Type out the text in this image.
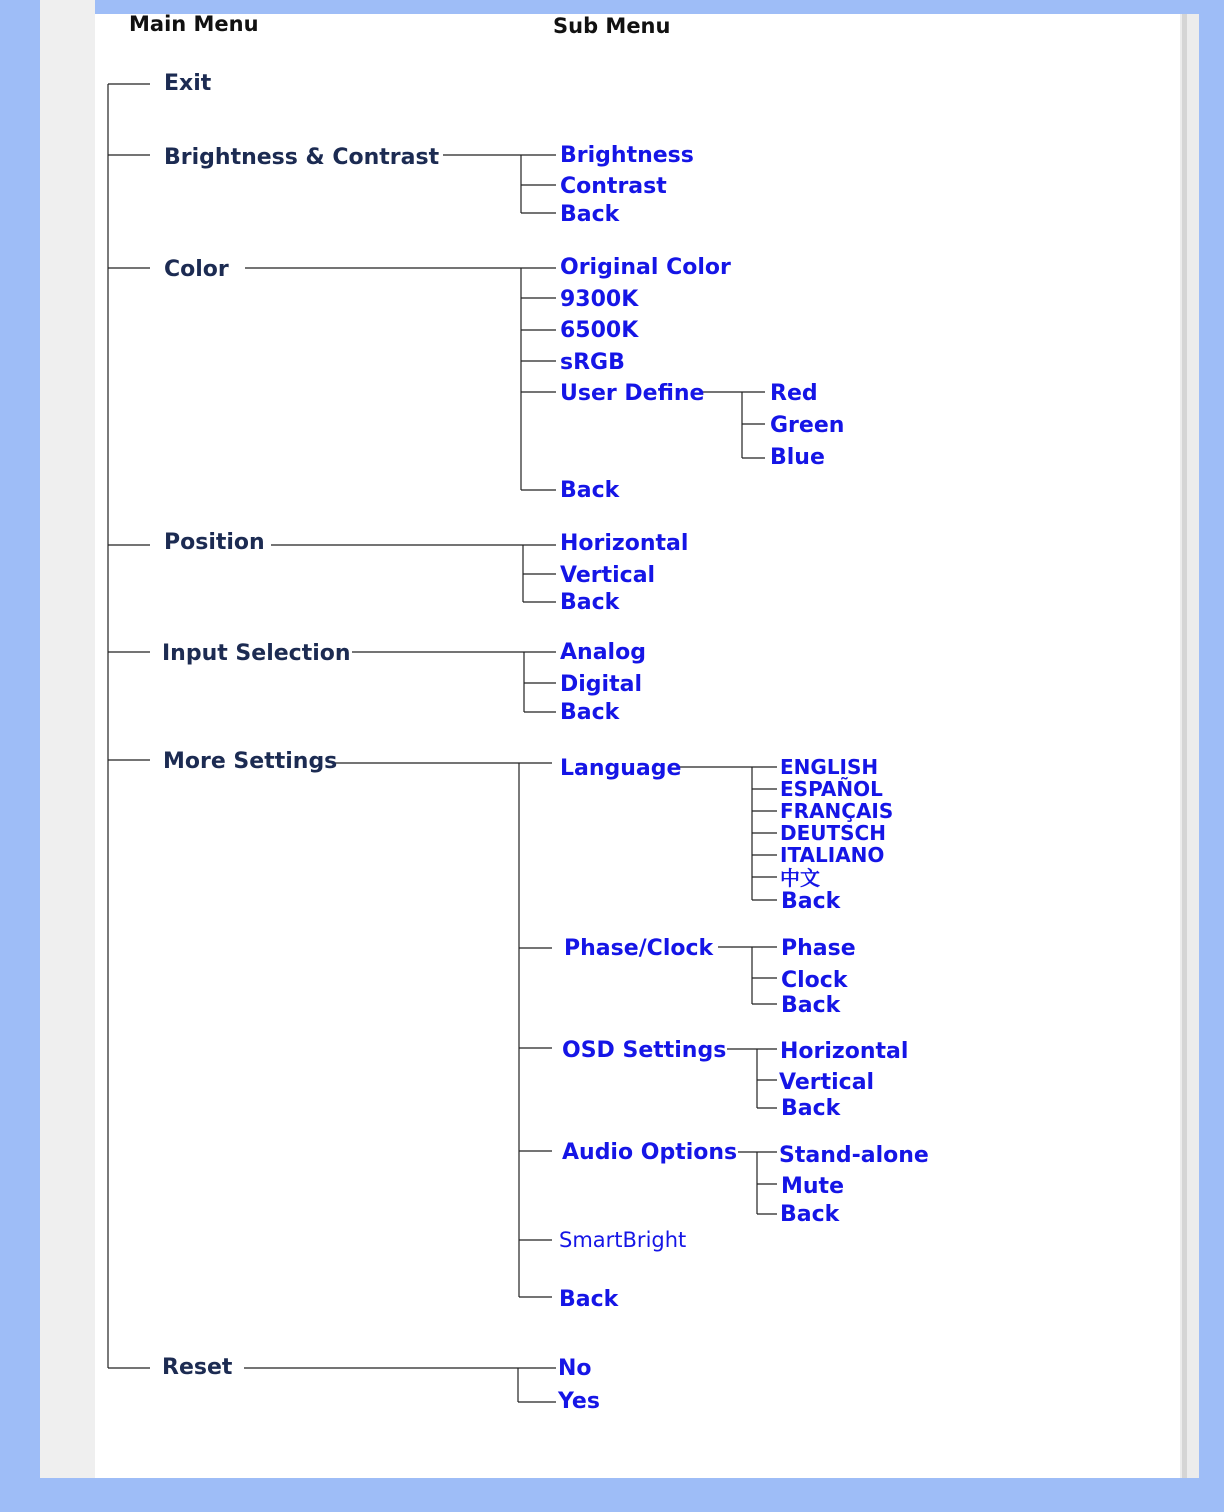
Main Menu	Sub Menu
Exit
Brightness & Contrast
Color
Position
Input Selection
More Settings
Reset
Brightness
Contrast
Back
Original Color
9300K
6500K
sRGB
User Define
Back
Red
Green
Blue
Horizontal
Vertical
Back
Analog
Digital
Back
Language
Phase/Clock
OSD Settings
Audio Options
SmartBright
Back
ENGLISH
ESPAÑOL
FRANÇAIS
DEUTSCH
ITALIANO
中文
Back
Phase
Clock
Back
Horizontal
Vertical
Back
Stand-alone
Mute
Back
No
Yes
